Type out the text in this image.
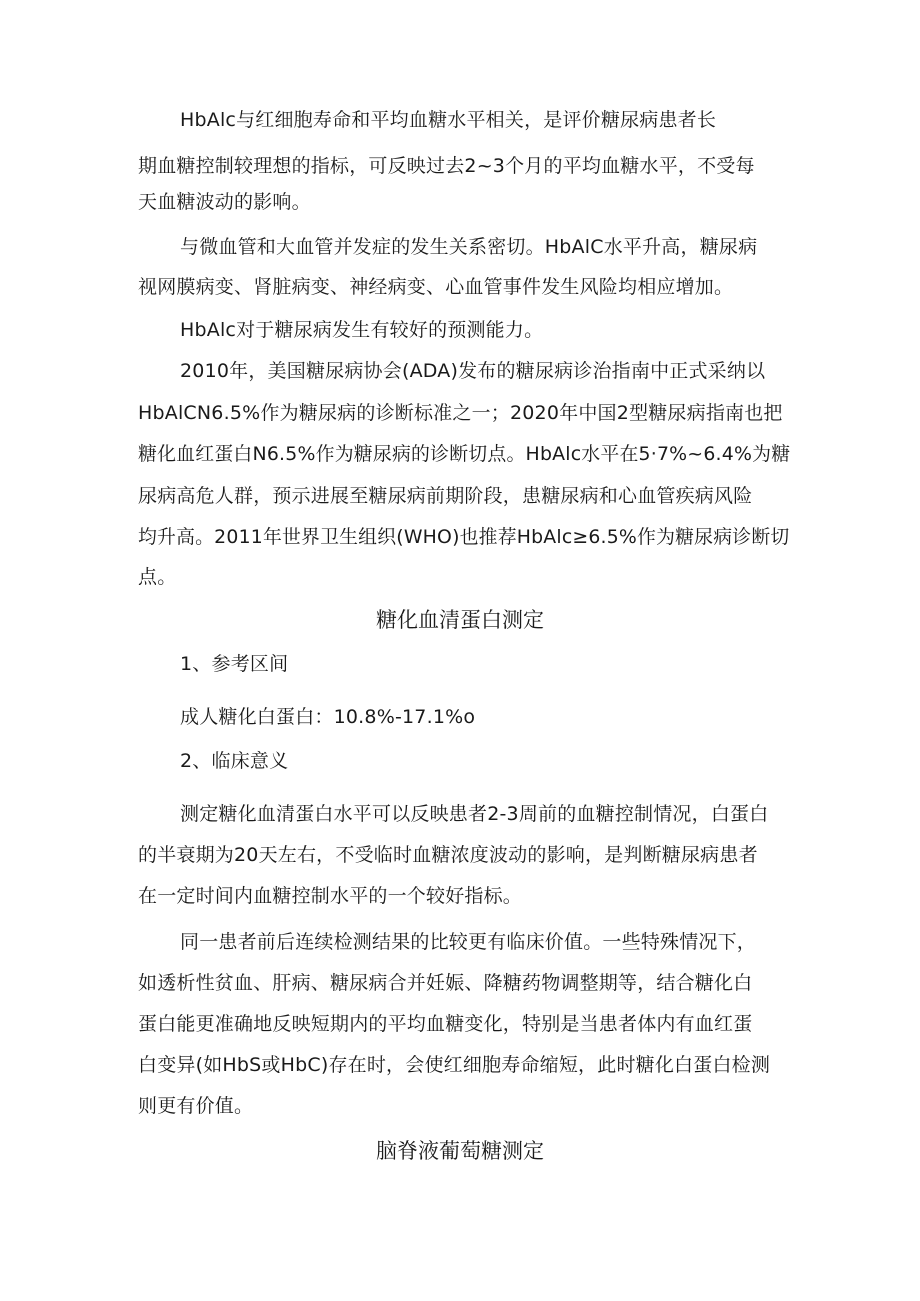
HbAlc与红细胞寿命和平均血糖水平相关，是评价糖尿病患者长
期血糖控制较理想的指标，可反映过去2~3个月的平均血糖水平，不受每
天血糖波动的影响。
与微血管和大血管并发症的发生关系密切。HbAlC水平升高，糖尿病
视网膜病变、肾脏病变、神经病变、心血管事件发生风险均相应增加。
HbAlc对于糖尿病发生有较好的预测能力。
2010年，美国糖尿病协会(ADA)发布的糖尿病诊治指南中正式采纳以
HbAlCN6.5%作为糖尿病的诊断标准之一；2020年中国2型糖尿病指南也把
糖化血红蛋白N6.5%作为糖尿病的诊断切点。HbAlc水平在5·7%~6.4%为糖
尿病高危人群，预示进展至糖尿病前期阶段，患糖尿病和心血管疾病风险
均升高。2011年世界卫生组织(WHO)也推荐HbAlc≥6.5%作为糖尿病诊断切
点。
糖化血清蛋白测定
1、参考区间
成人糖化白蛋白：10.8%-17.1%o
2、临床意义
测定糖化血清蛋白水平可以反映患者2-3周前的血糖控制情况，白蛋白
的半衰期为20天左右，不受临时血糖浓度波动的影响，是判断糖尿病患者
在一定时间内血糖控制水平的一个较好指标。
同一患者前后连续检测结果的比较更有临床价值。一些特殊情况下，
如透析性贫血、肝病、糖尿病合并妊娠、降糖药物调整期等，结合糖化白
蛋白能更准确地反映短期内的平均血糖变化，特别是当患者体内有血红蛋
白变异(如HbS或HbC)存在时，会使红细胞寿命缩短，此时糖化白蛋白检测
则更有价值。
脑脊液葡萄糖测定
